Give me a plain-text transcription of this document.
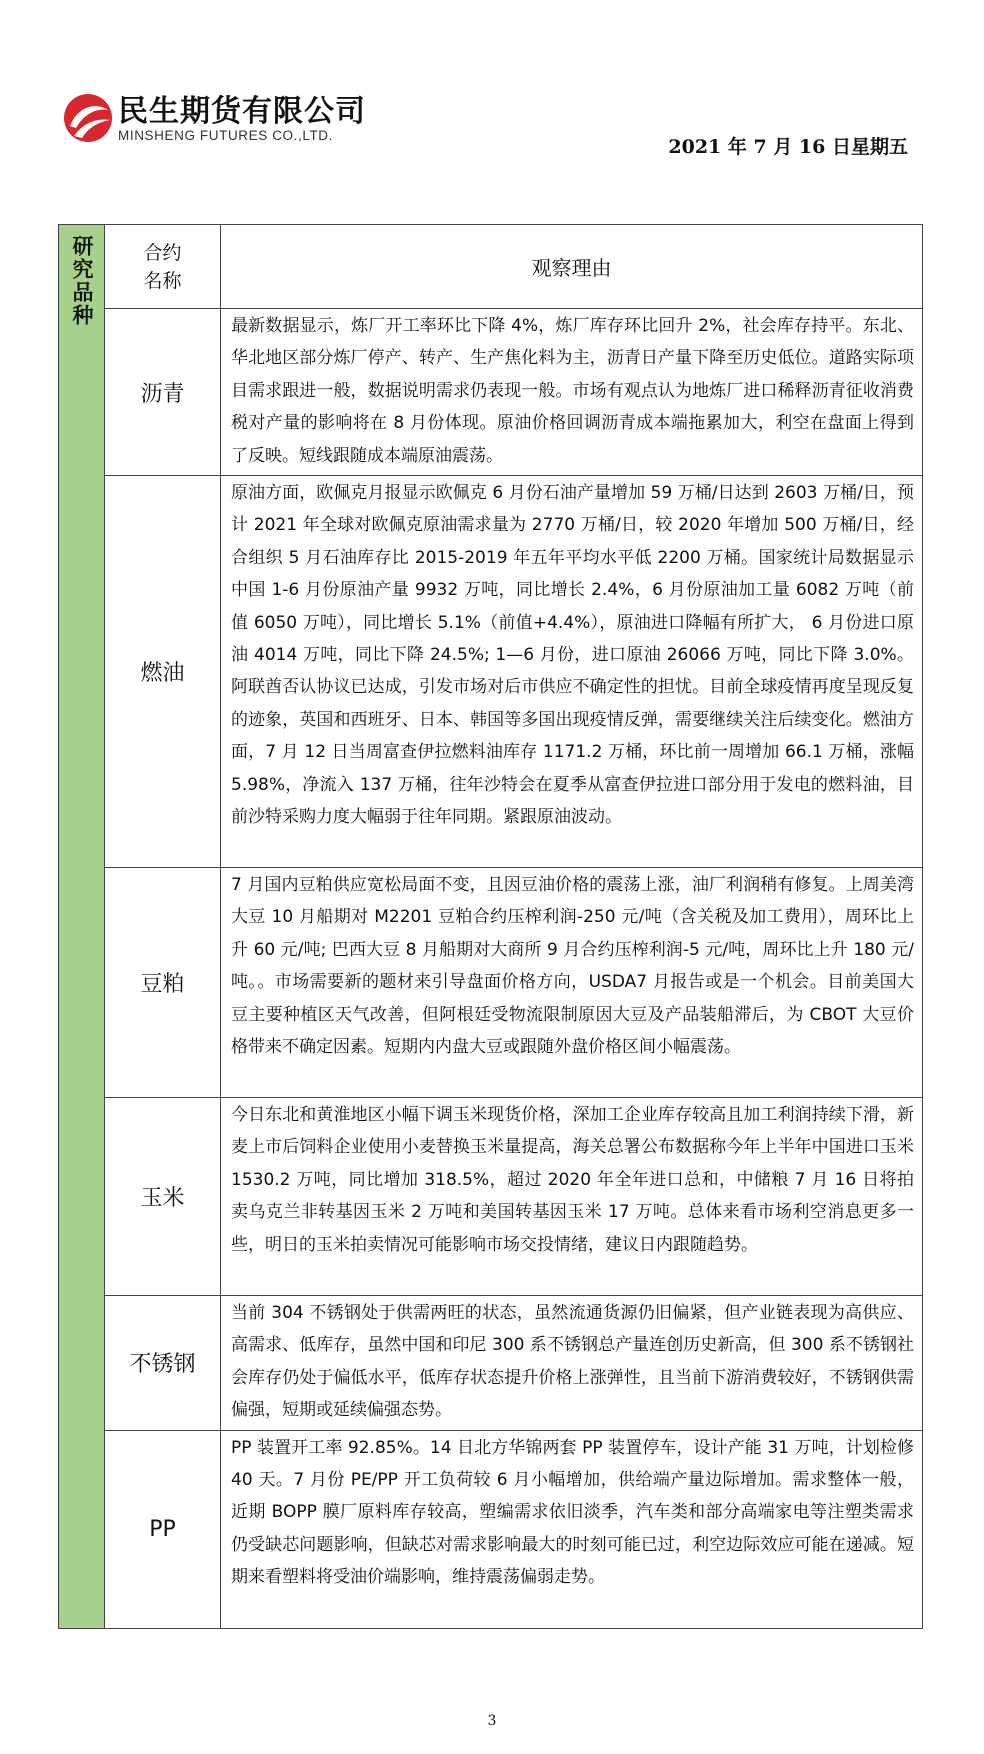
民生期货有限公司
MINSHENG FUTURES CO.,LTD.
2021 年 7 月 16 日星期五
研究品种	合约名称	观察理由
	沥青	最新数据显示，炼厂开工率环比下降 4%，炼厂库存环比回升 2%，社会库存持平。东北、华北地区部分炼厂停产、转产、生产焦化料为主，沥青日产量下降至历史低位。道路实际项目需求跟进一般，数据说明需求仍表现一般。市场有观点认为地炼厂进口稀释沥青征收消费税对产量的影响将在 8 月份体现。原油价格回调沥青成本端拖累加大，利空在盘面上得到了反映。短线跟随成本端原油震荡。
	燃油	原油方面，欧佩克月报显示欧佩克 6 月份石油产量增加 59 万桶/日达到 2603 万桶/日，预计 2021 年全球对欧佩克原油需求量为 2770 万桶/日，较 2020 年增加 500 万桶/日，经合组织 5 月石油库存比 2015-2019 年五年平均水平低 2200 万桶。国家统计局数据显示中国 1-6 月份原油产量 9932 万吨，同比增长 2.4%，6 月份原油加工量 6082 万吨（前值 6050 万吨），同比增长 5.1%（前值+4.4%），原油进口降幅有所扩大， 6 月份进口原油 4014 万吨，同比下降 24.5%; 1—6 月份，进口原油 26066 万吨，同比下降 3.0%。阿联酋否认协议已达成，引发市场对后市供应不确定性的担忧。目前全球疫情再度呈现反复的迹象，英国和西班牙、日本、韩国等多国出现疫情反弹，需要继续关注后续变化。燃油方面，7 月 12 日当周富查伊拉燃料油库存 1171.2 万桶，环比前一周增加 66.1 万桶，涨幅 5.98%，净流入 137 万桶，往年沙特会在夏季从富查伊拉进口部分用于发电的燃料油，目前沙特采购力度大幅弱于往年同期。紧跟原油波动。
	豆粕	7 月国内豆粕供应宽松局面不变，且因豆油价格的震荡上涨，油厂利润稍有修复。上周美湾大豆 10 月船期对 M2201 豆粕合约压榨利润-250 元/吨（含关税及加工费用），周环比上升 60 元/吨; 巴西大豆 8 月船期对大商所 9 月合约压榨利润-5 元/吨，周环比上升 180 元/吨。。市场需要新的题材来引导盘面价格方向，USDA7 月报告或是一个机会。目前美国大豆主要种植区天气改善，但阿根廷受物流限制原因大豆及产品装船滞后，为 CBOT 大豆价格带来不确定因素。短期内内盘大豆或跟随外盘价格区间小幅震荡。
	玉米	今日东北和黄淮地区小幅下调玉米现货价格，深加工企业库存较高且加工利润持续下滑，新麦上市后饲料企业使用小麦替换玉米量提高，海关总署公布数据称今年上半年中国进口玉米 1530.2 万吨，同比增加 318.5%，超过 2020 年全年进口总和，中储粮 7 月 16 日将拍卖乌克兰非转基因玉米 2 万吨和美国转基因玉米 17 万吨。总体来看市场利空消息更多一些，明日的玉米拍卖情况可能影响市场交投情绪，建议日内跟随趋势。
	不锈钢	当前 304 不锈钢处于供需两旺的状态，虽然流通货源仍旧偏紧，但产业链表现为高供应、高需求、低库存，虽然中国和印尼 300 系不锈钢总产量连创历史新高，但 300 系不锈钢社会库存仍处于偏低水平，低库存状态提升价格上涨弹性，且当前下游消费较好，不锈钢供需偏强，短期或延续偏强态势。
	PP	PP 装置开工率 92.85%。14 日北方华锦两套 PP 装置停车，设计产能 31 万吨，计划检修 40 天。7 月份 PE/PP 开工负荷较 6 月小幅增加，供给端产量边际增加。需求整体一般，近期 BOPP 膜厂原料库存较高，塑编需求依旧淡季，汽车类和部分高端家电等注塑类需求仍受缺芯问题影响，但缺芯对需求影响最大的时刻可能已过，利空边际效应可能在递减。短期来看塑料将受油价端影响，维持震荡偏弱走势。
3
